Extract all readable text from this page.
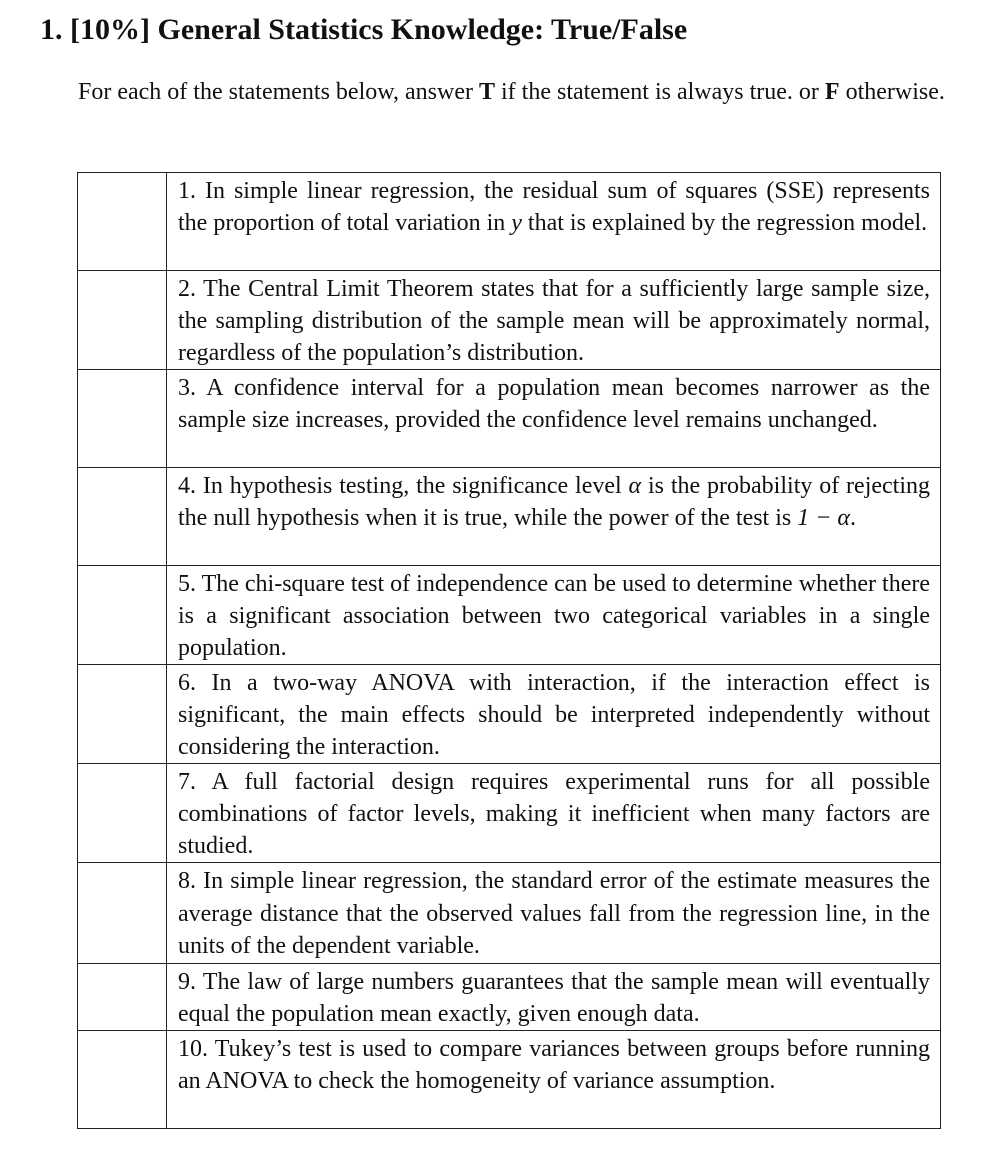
1. [10%] General Statistics Knowledge: True/False

For each of the statements below, answer T if the statement is always true. or F otherwise.

	1. In simple linear regression, the residual sum of squares (SSE) represents the proportion of total variation in y that is explained by the regression model.
	2. The Central Limit Theorem states that for a sufficiently large sample size, the sampling distribution of the sample mean will be approximately normal, regardless of the population’s distribution.
	3. A confidence interval for a population mean becomes narrower as the sample size increases, provided the confidence level remains unchanged.
	4. In hypothesis testing, the significance level α is the probability of rejecting the null hypothesis when it is true, while the power of the test is 1 − α.
	5. The chi-square test of independence can be used to determine whether there is a significant association between two categorical variables in a single population.
	6. In a two-way ANOVA with interaction, if the interaction effect is significant, the main effects should be interpreted independently without considering the interaction.
	7. A full factorial design requires experimental runs for all possible combinations of factor levels, making it inefficient when many factors are studied.
	8. In simple linear regression, the standard error of the estimate measures the average distance that the observed values fall from the regression line, in the units of the dependent variable.
	9. The law of large numbers guarantees that the sample mean will eventually equal the population mean exactly, given enough data.
	10. Tukey’s test is used to compare variances between groups before running an ANOVA to check the homogeneity of variance assumption.
